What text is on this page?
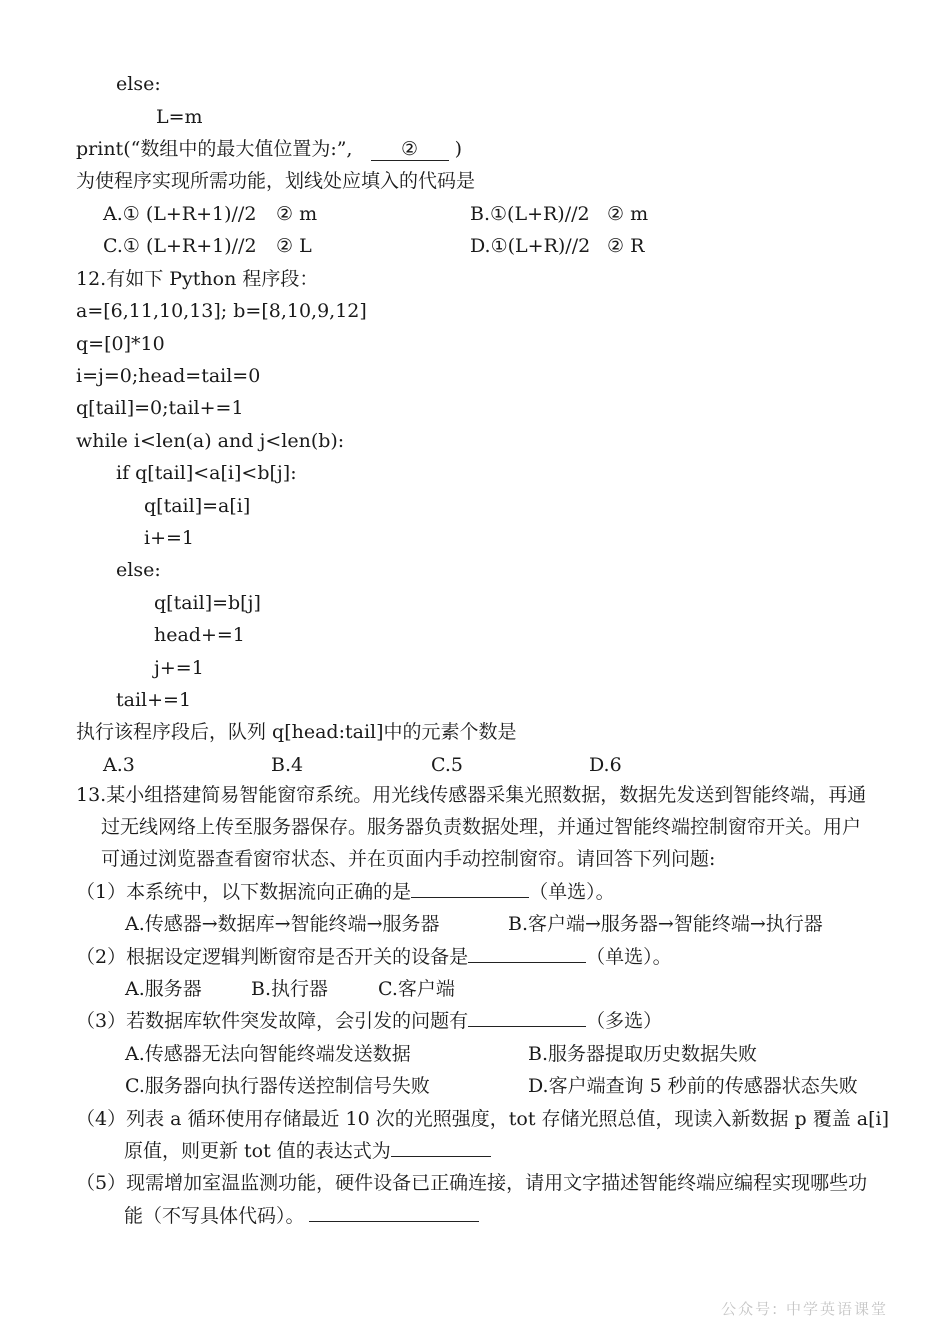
else:
L=m
print(“数组中的最大值位置为:”,	② )
为使程序实现所需功能，划线处应填入的代码是
A.① (L+R+1)//2 ② m	B.①(L+R)//2 ② m
C.① (L+R+1)//2 ② L	D.①(L+R)//2 ② R
12.有如下 Python 程序段：
a=[6,11,10,13]; b=[8,10,9,12]
q=[0]*10
i=j=0;head=tail=0
q[tail]=0;tail+=1
while i<len(a) and j<len(b):
if q[tail]<a[i]<b[j]:
q[tail]=a[i]
i+=1
else:
q[tail]=b[j]
head+=1
j+=1
tail+=1
执行该程序段后，队列 q[head:tail]中的元素个数是
A.3	B.4	C.5	D.6
13.某小组搭建简易智能窗帘系统。用光线传感器采集光照数据，数据先发送到智能终端，再通
过无线网络上传至服务器保存。服务器负责数据处理，并通过智能终端控制窗帘开关。用户
可通过浏览器查看窗帘状态、并在页面内手动控制窗帘。请回答下列问题:
（1）本系统中，以下数据流向正确的是	（单选）。
A.传感器→数据库→智能终端→服务器	B.客户端→服务器→智能终端→执行器
（2）根据设定逻辑判断窗帘是否开关的设备是	（单选）。
A.服务器	B.执行器	C.客户端
（3）若数据库软件突发故障，会引发的问题有	（多选）
A.传感器无法向智能终端发送数据	B.服务器提取历史数据失败
C.服务器向执行器传送控制信号失败	D.客户端查询 5 秒前的传感器状态失败
（4）列表 a 循环使用存储最近 10 次的光照强度，tot 存储光照总值，现读入新数据 p 覆盖 a[i]
原值，则更新 tot 值的表达式为
（5）现需增加室温监测功能，硬件设备已正确连接，请用文字描述智能终端应编程实现哪些功
能（不写具体代码）。
公众号: 中学英语课堂
